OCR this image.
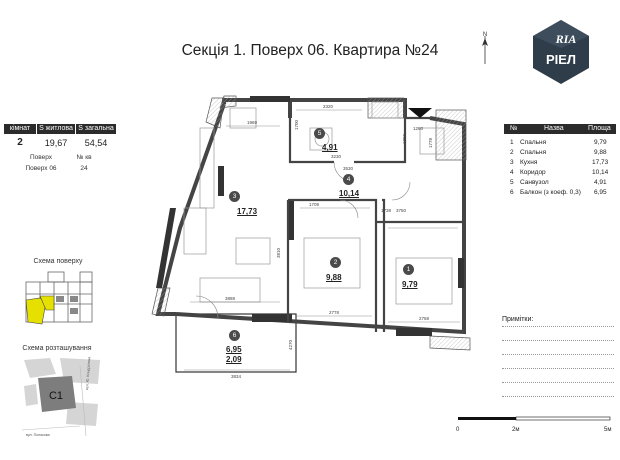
Секція 1. Поверх 06. Квартира №24
N	RIA
РІЕЛ
кімнат	S житлова S загальна
2	19,67	54,54
Поверх	№ кв
Поверх 06	24
Схема поверху
Схема розташування
С1
вул. Ю. Кондратюка
вул. Полякова
2320
1250
1969	1700
3230
3530
1280
1778
1709
1738
3810
3750
3888
2778
2768
3834
4270
5
4,91
3
17,73
4
10,14
2
9,88
1
9,79
6
6,95
2,09
№	Назва	Площа
1 Спальня	9,79
2 Спальня	9,88
3 Кухня	17,73
4 Коридор	10,14
5 Санвузол	4,91
6 Балкон (з коеф. 0,3) 6,95
Примітки:
0	2м	5м
